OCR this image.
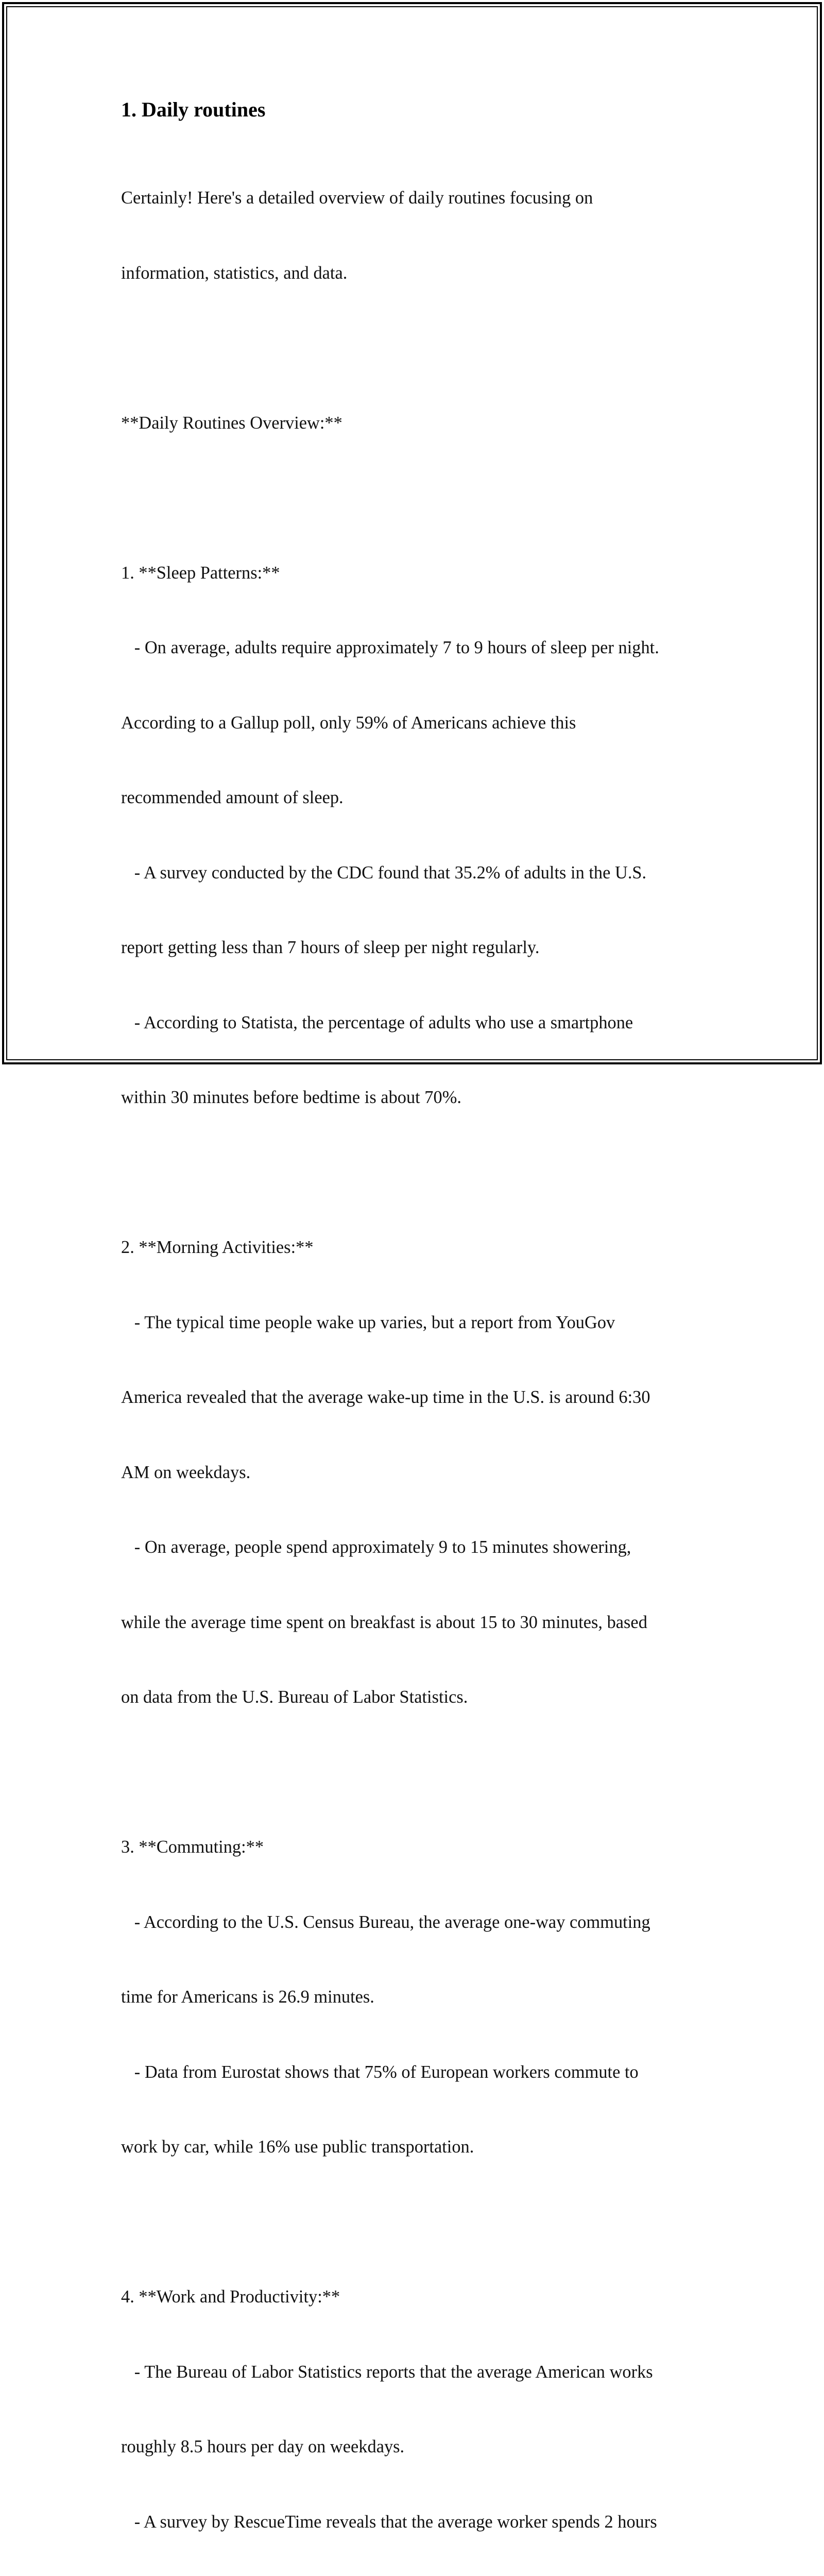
1. Daily routines

Certainly! Here's a detailed overview of daily routines focusing on

information, statistics, and data.

**Daily Routines Overview:**

1. **Sleep Patterns:**

- On average, adults require approximately 7 to 9 hours of sleep per night.

According to a Gallup poll, only 59% of Americans achieve this

recommended amount of sleep.

- A survey conducted by the CDC found that 35.2% of adults in the U.S.

report getting less than 7 hours of sleep per night regularly.

- According to Statista, the percentage of adults who use a smartphone

within 30 minutes before bedtime is about 70%.

2. **Morning Activities:**

- The typical time people wake up varies, but a report from YouGov

America revealed that the average wake-up time in the U.S. is around 6:30

AM on weekdays.

- On average, people spend approximately 9 to 15 minutes showering,

while the average time spent on breakfast is about 15 to 30 minutes, based

on data from the U.S. Bureau of Labor Statistics.

3. **Commuting:**

- According to the U.S. Census Bureau, the average one-way commuting

time for Americans is 26.9 minutes.

- Data from Eurostat shows that 75% of European workers commute to

work by car, while 16% use public transportation.

4. **Work and Productivity:**

- The Bureau of Labor Statistics reports that the average American works

roughly 8.5 hours per day on weekdays.

- A survey by RescueTime reveals that the average worker spends 2 hours
